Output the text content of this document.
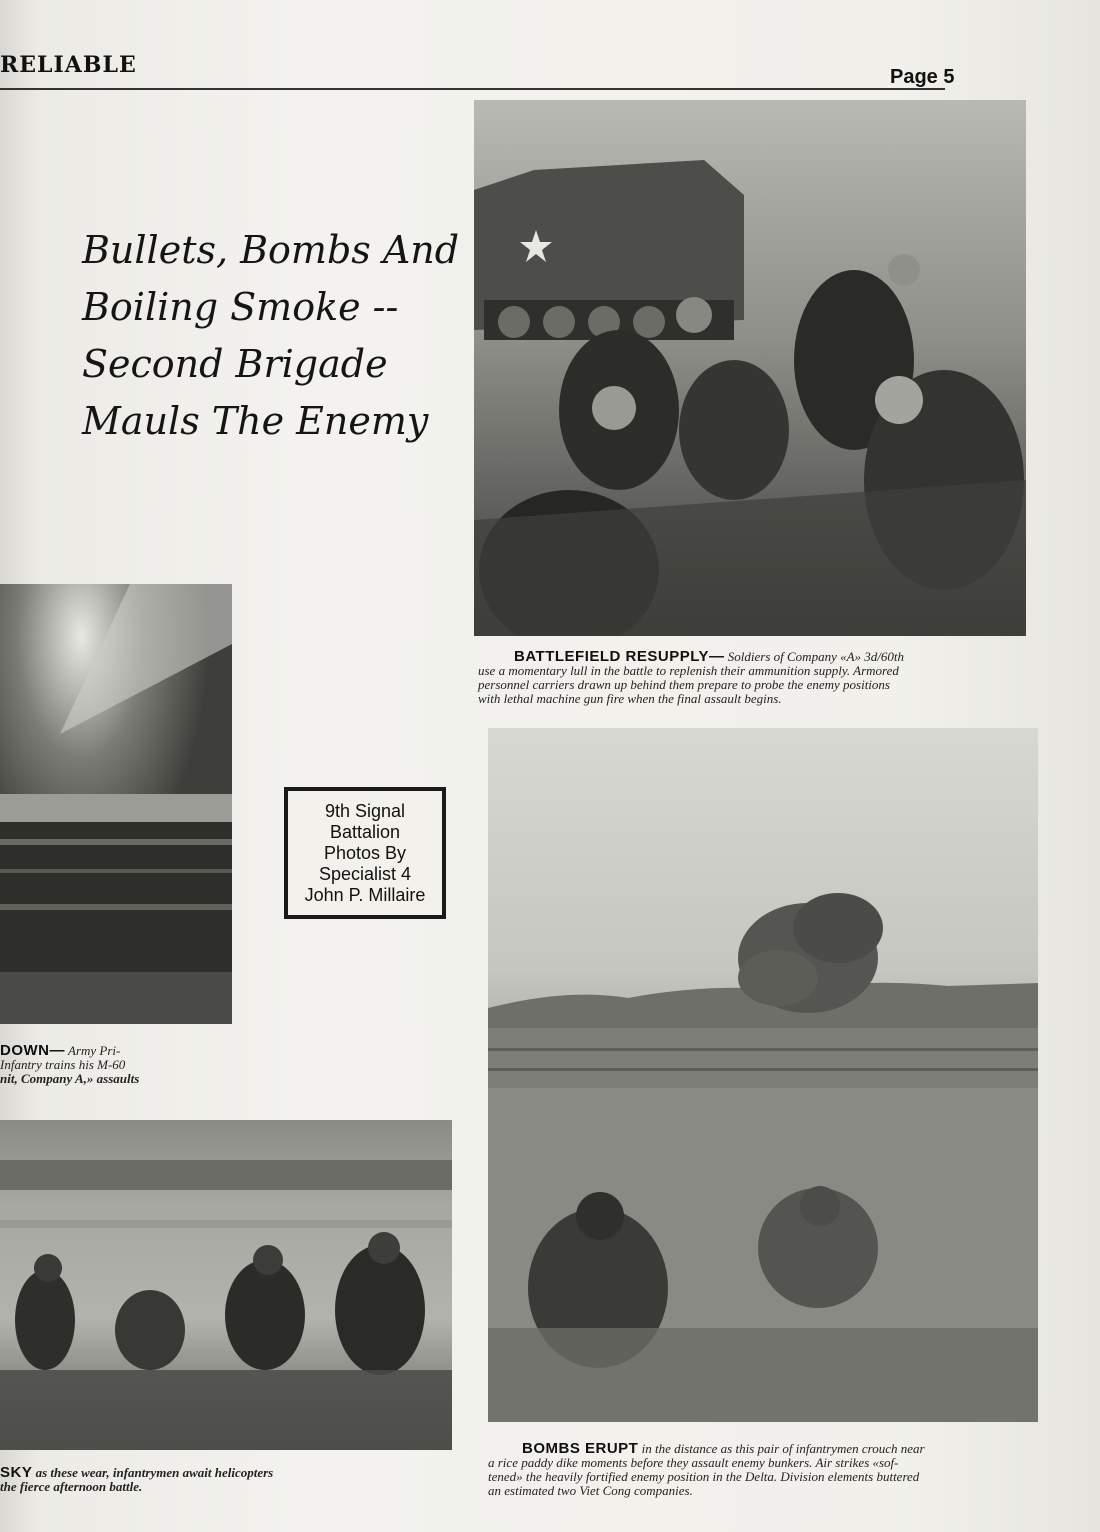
RELIABLE	Page 5
Bullets, Bombs And
Boiling Smoke --
Second Brigade
Mauls The Enemy
BATTLEFIELD RESUPPLY— Soldiers of Company «A» 3d/60th
use a momentary lull in the battle to replenish their ammunition supply. Armored
personnel carriers drawn up behind them prepare to probe the enemy positions
with lethal machine gun fire when the final assault begins.
9th Signal
Battalion
Photos By
Specialist 4
John P. Millaire
DOWN— Army Pri-
Infantry trains his M-60
nit, Company A,» assaults
SKY as these wear, infantrymen await helicopters
the fierce afternoon battle.
BOMBS ERUPT in the distance as this pair of infantrymen crouch near
a rice paddy dike moments before they assault enemy bunkers. Air strikes «sof-
tened» the heavily fortified enemy position in the Delta. Division elements buttered
an estimated two Viet Cong companies.
